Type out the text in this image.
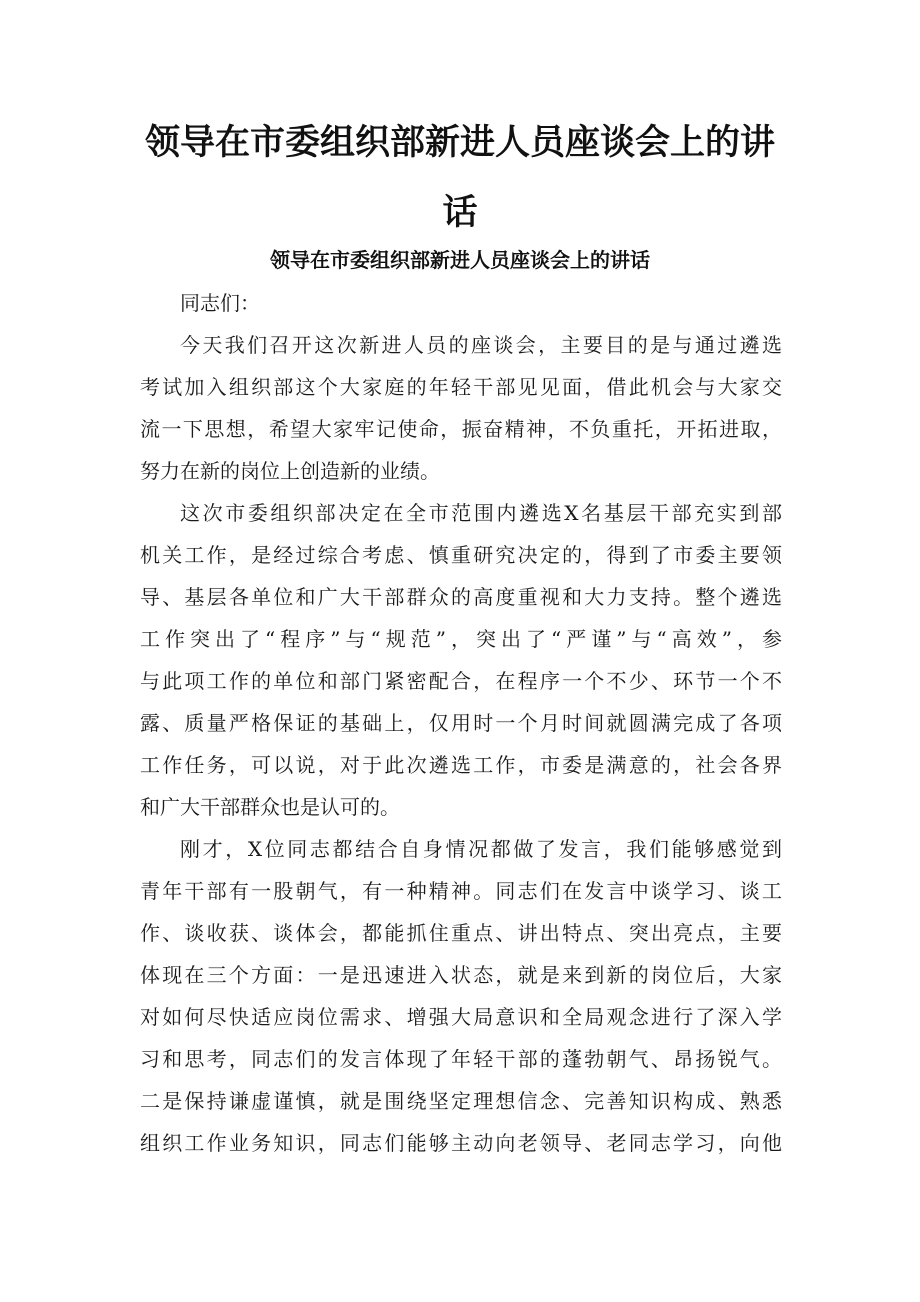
领导在市委组织部新进人员座谈会上的讲
话
领导在市委组织部新进人员座谈会上的讲话

同志们：

今天我们召开这次新进人员的座谈会，主要目的是与通过遴选
考试加入组织部这个大家庭的年轻干部见见面，借此机会与大家交
流一下思想，希望大家牢记使命，振奋精神，不负重托，开拓进取，
努力在新的岗位上创造新的业绩。

这次市委组织部决定在全市范围内遴选X名基层干部充实到部
机关工作，是经过综合考虑、慎重研究决定的，得到了市委主要领
导、基层各单位和广大干部群众的高度重视和大力支持。整个遴选
工作突出了“程序”与“规范”，突出了“严谨”与“高效”，参
与此项工作的单位和部门紧密配合，在程序一个不少、环节一个不
露、质量严格保证的基础上，仅用时一个月时间就圆满完成了各项
工作任务，可以说，对于此次遴选工作，市委是满意的，社会各界
和广大干部群众也是认可的。

刚才，X位同志都结合自身情况都做了发言，我们能够感觉到
青年干部有一股朝气，有一种精神。同志们在发言中谈学习、谈工
作、谈收获、谈体会，都能抓住重点、讲出特点、突出亮点，主要
体现在三个方面：一是迅速进入状态，就是来到新的岗位后，大家
对如何尽快适应岗位需求、增强大局意识和全局观念进行了深入学
习和思考，同志们的发言体现了年轻干部的蓬勃朝气、昂扬锐气。
二是保持谦虚谨慎，就是围绕坚定理想信念、完善知识构成、熟悉
组织工作业务知识，同志们能够主动向老领导、老同志学习，向他
